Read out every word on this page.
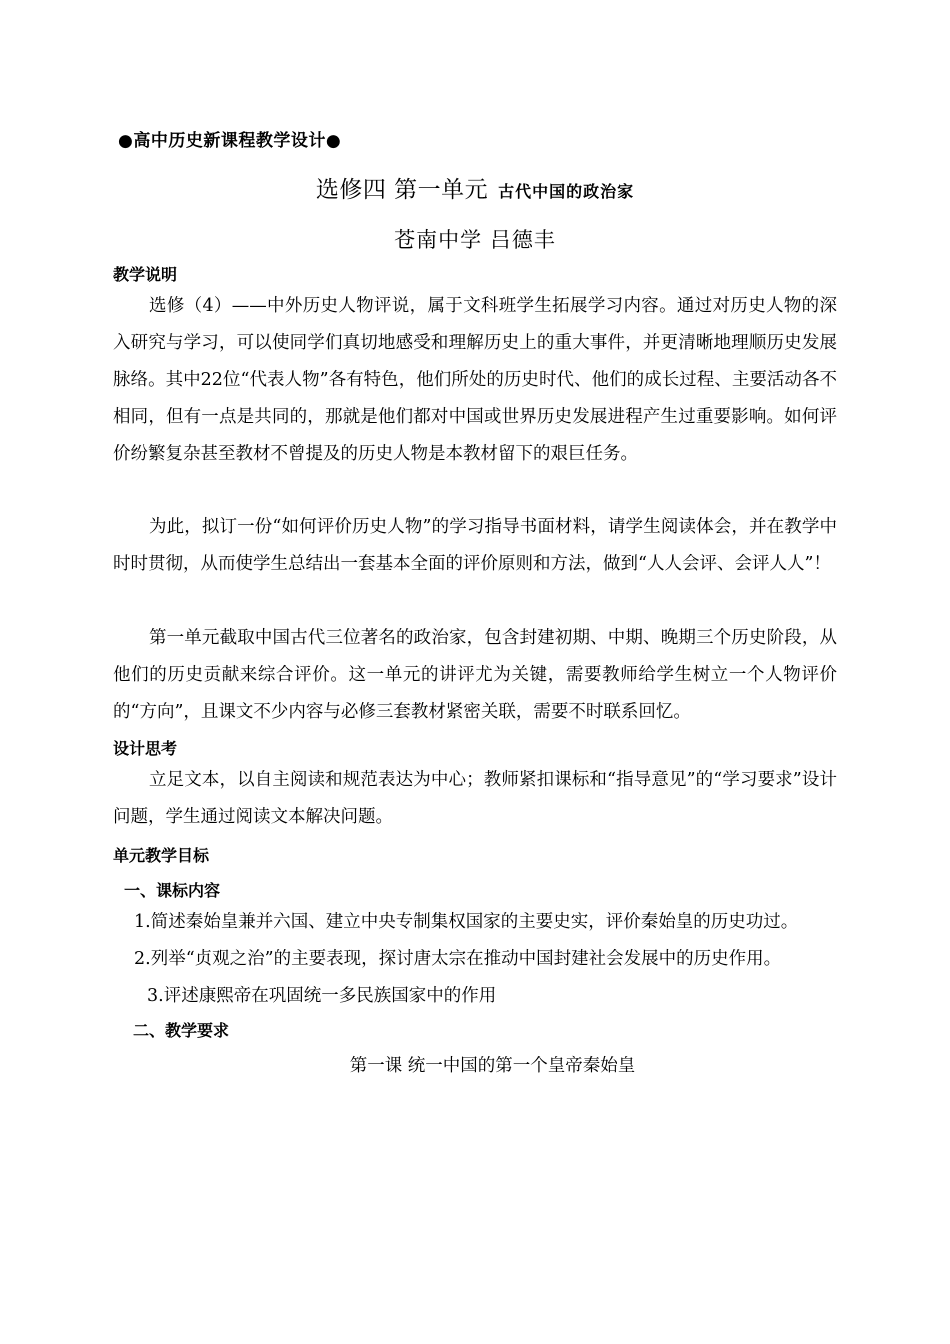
●高中历史新课程教学设计●
选修四 第一单元 古代中国的政治家
苍南中学 吕德丰
教学说明
选修（4）——中外历史人物评说，属于文科班学生拓展学习内容。通过对历史人物的深入研究与学习，可以使同学们真切地感受和理解历史上的重大事件，并更清晰地理顺历史发展脉络。其中22位“代表人物”各有特色，他们所处的历史时代、他们的成长过程、主要活动各不相同，但有一点是共同的，那就是他们都对中国或世界历史发展进程产生过重要影响。如何评价纷繁复杂甚至教材不曾提及的历史人物是本教材留下的艰巨任务。
为此，拟订一份“如何评价历史人物”的学习指导书面材料，请学生阅读体会，并在教学中时时贯彻，从而使学生总结出一套基本全面的评价原则和方法，做到“人人会评、会评人人”！
第一单元截取中国古代三位著名的政治家，包含封建初期、中期、晚期三个历史阶段，从他们的历史贡献来综合评价。这一单元的讲评尤为关键，需要教师给学生树立一个人物评价的“方向”，且课文不少内容与必修三套教材紧密关联，需要不时联系回忆。
设计思考
立足文本，以自主阅读和规范表达为中心；教师紧扣课标和“指导意见”的“学习要求”设计问题，学生通过阅读文本解决问题。
单元教学目标
一、课标内容
1.简述秦始皇兼并六国、建立中央专制集权国家的主要史实，评价秦始皇的历史功过。
2.列举“贞观之治”的主要表现，探讨唐太宗在推动中国封建社会发展中的历史作用。
3.评述康熙帝在巩固统一多民族国家中的作用
二、教学要求
第一课 统一中国的第一个皇帝秦始皇
